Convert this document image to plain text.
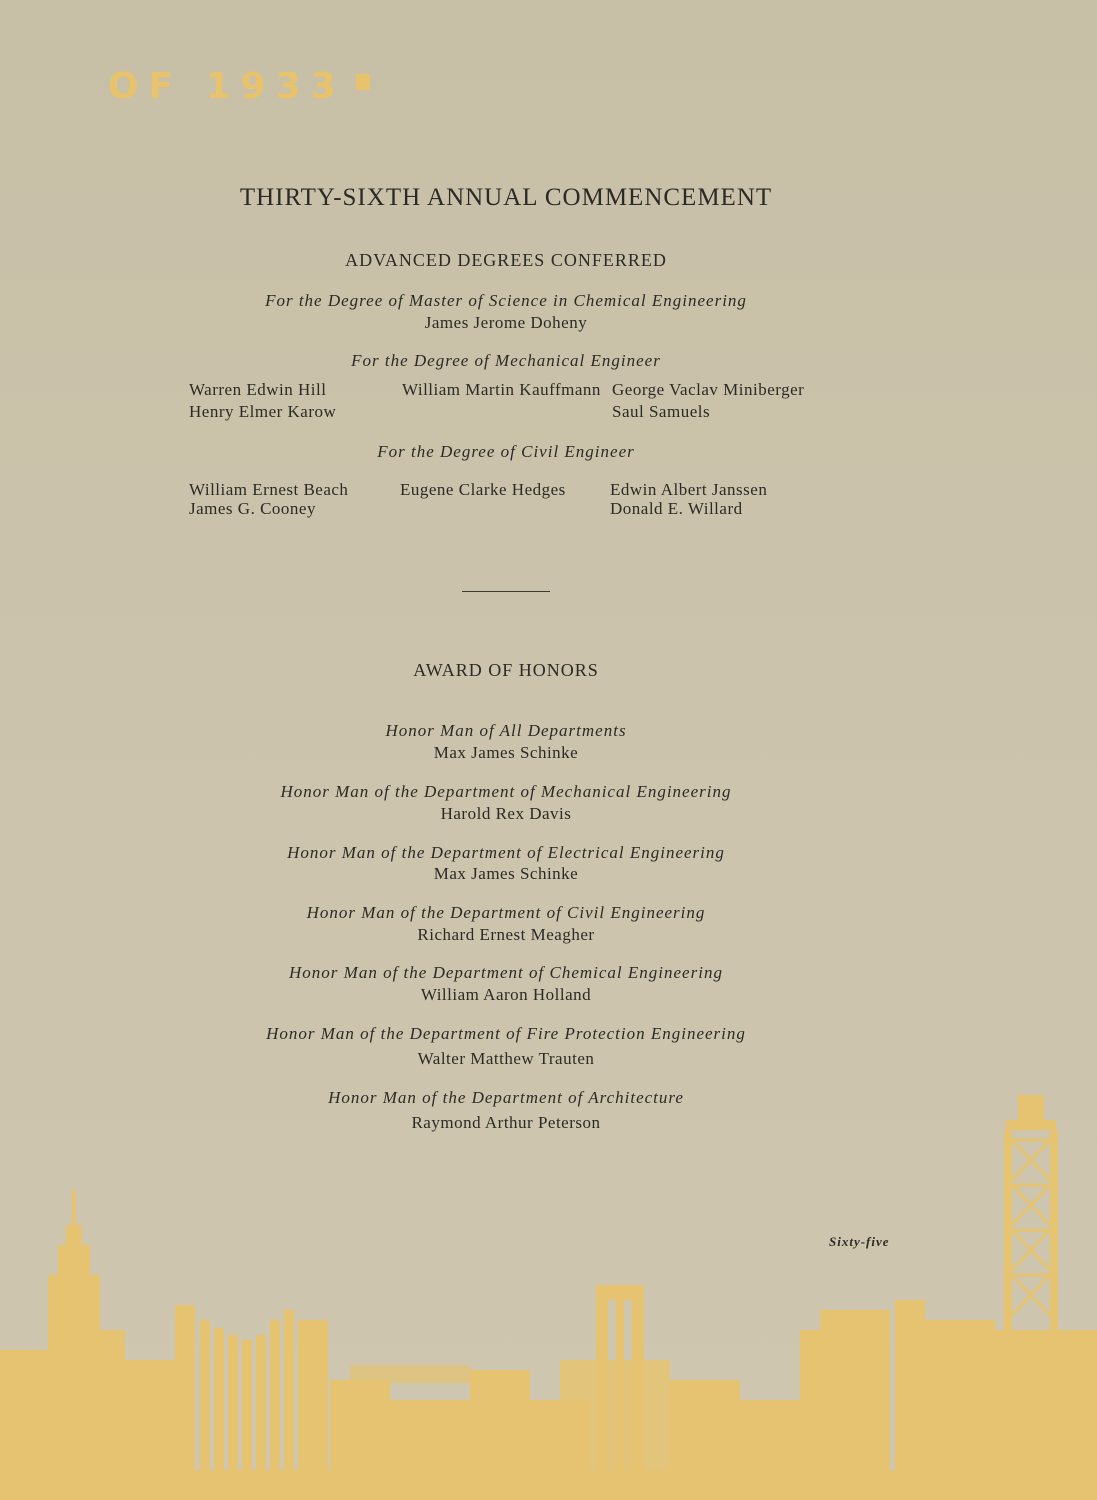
OF 1933
THIRTY-SIXTH ANNUAL COMMENCEMENT
ADVANCED DEGREES CONFERRED
For the Degree of Master of Science in Chemical Engineering
James Jerome Doheny
For the Degree of Mechanical Engineer
Warren Edwin Hill
Henry Elmer Karow
William Martin Kauffmann George Vaclav Miniberger
Saul Samuels
For the Degree of Civil Engineer
William Ernest Beach
James G. Cooney
Eugene Clarke Hedges	Edwin Albert Janssen
Donald E. Willard
AWARD OF HONORS
Honor Man of All Departments
Max James Schinke
Honor Man of the Department of Mechanical Engineering
Harold Rex Davis
Honor Man of the Department of Electrical Engineering
Max James Schinke
Honor Man of the Department of Civil Engineering
Richard Ernest Meagher
Honor Man of the Department of Chemical Engineering
William Aaron Holland
Honor Man of the Department of Fire Protection Engineering
Walter Matthew Trauten
Honor Man of the Department of Architecture
Raymond Arthur Peterson
Sixty-five
